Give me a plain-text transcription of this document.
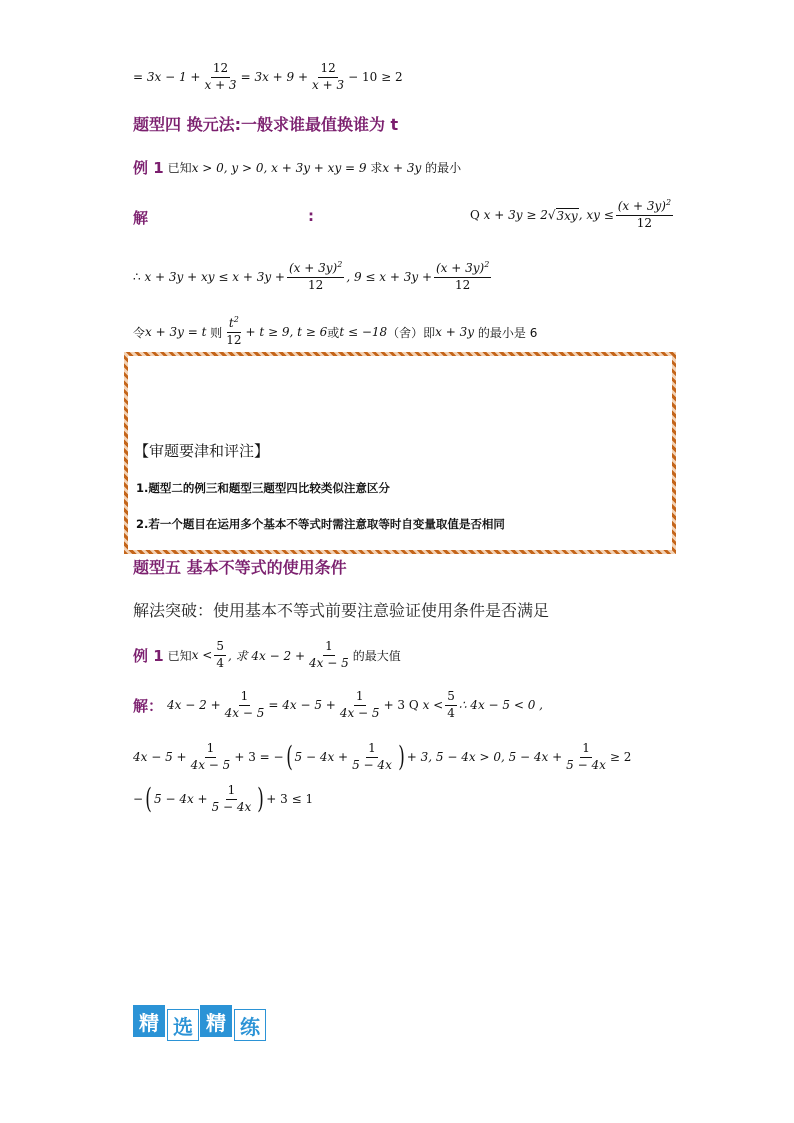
=
$3x - 1 + \frac{12}{x + 3} = 3x + 9 + \frac{12}{x + 3} - 10 \ge 2$
题型四 换元法:一般求谁最值换谁为 t
例 1 已知 x > 0, y > 0, x + 3y + xy = 9
求 x + 3y
的最小
解	:	Q
x + 3y ≥ 2 √ 3xy , xy ≤ $\frac{(x + 3y)^2}{12}$
∴
x + 3y + xy ≤ $x + 3y + \frac{(x + 3y)^2}{12}$ , $9 \le x + 3y + \frac{(x + 3y)^2}{12}$
令 x + 3y = t
则 $\frac{t^2}{12} + t \ge 9$, t ≥ 6 或 t ≤ −18 （舍）即 x + 3y
的最小是 6
【审题要津和评注】
1.题型二的例三和题型三题型四比较类似注意区分
2.若一个题目在运用多个基本不等式时需注意取等时自变量取值是否相同
题型五 基本不等式的使用条件
解法突破：使用基本不等式前要注意验证使用条件是否满足
例 1 已知 $x < \frac{5}{4}$ , 求 $4x - 2 + \frac{1}{4x - 5}$ 的最大值
解 ： $4x - 2 + \frac{1}{4x - 5} = 4x - 5 + \frac{1}{4x - 5} + 3$
Q
$x < \frac{5}{4}$ ∴ 4x − 5 < 0 ,
$4x - 5 + \frac{1}{4x - 5} + 3$ = − ( $5 - 4x + \frac{1}{5 - 4x}$ ) + 3, 5 − 4x > 0, $5 - 4x + \frac{1}{5 - 4x} \ge 2$
− ( $5 - 4x + \frac{1}{5 - 4x}$ ) + 3 ≤ 1
精 选 精 练
